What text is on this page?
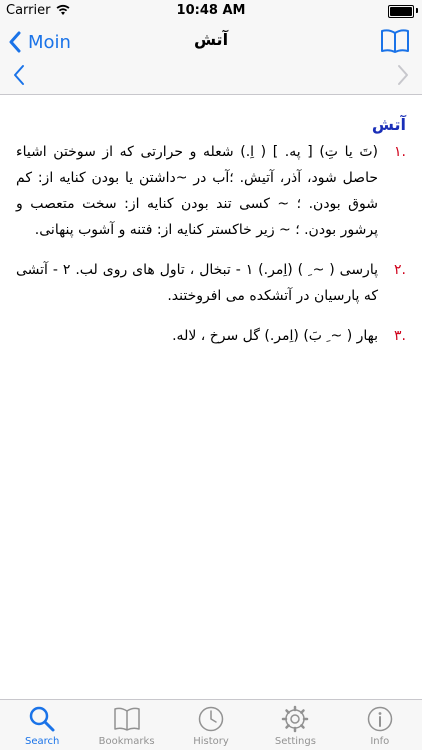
Carrier	10:48 AM
Moin	آتش
آتش
.١
(تَ یا تِ) [ په. ] ( اِ.) شعله و حرارتی که از سوختن اشیاء حاصل شود، آذر، آتیش. ؛آب در ~داشتن یا بودن کنایه از: کم شوق بودن. ؛ ~ کسی تند بودن کنایه از: سخت متعصب و پرشور بودن. ؛ ~ زیر خاکستر کنایه از: فتنه و آشوب پنهانی.
.٢
پارسی ( ~ ِ ) (اِمر.) ١ - تبخال ، تاول های روی لب. ٢ - آتشی که پارسیان در آتشکده می افروختند.
.٣
بهار ( ~ ِ بَ) (اِمر.) گل سرخ ، لاله.
Search	Bookmarks	History	Settings	Info
